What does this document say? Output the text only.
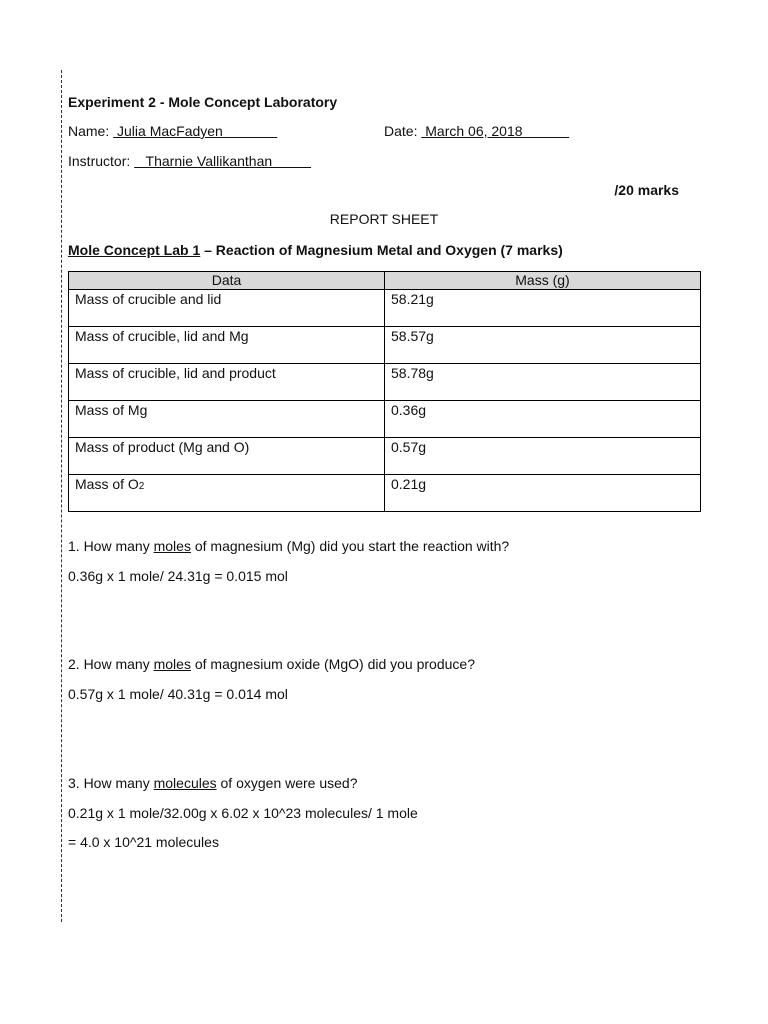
Experiment 2 - Mole Concept Laboratory
Name:  Julia MacFadyen	Date:  March 06, 2018
Instructor:    Tharnie Vallikanthan
/20 marks
REPORT SHEET
Mole Concept Lab 1 – Reaction of Magnesium Metal and Oxygen (7 marks)
Data	Mass (g)
Mass of crucible and lid	58.21g
Mass of crucible, lid and Mg	58.57g
Mass of crucible, lid and product	58.78g
Mass of Mg	0.36g
Mass of product (Mg and O)	0.57g
Mass of O2	0.21g
1. How many moles of magnesium (Mg) did you start the reaction with?
0.36g x 1 mole/ 24.31g = 0.015 mol
2. How many moles of magnesium oxide (MgO) did you produce?
0.57g x 1 mole/ 40.31g = 0.014 mol
3. How many molecules of oxygen were used?
0.21g x 1 mole/32.00g x 6.02 x 10^23 molecules/ 1 mole
= 4.0 x 10^21 molecules
